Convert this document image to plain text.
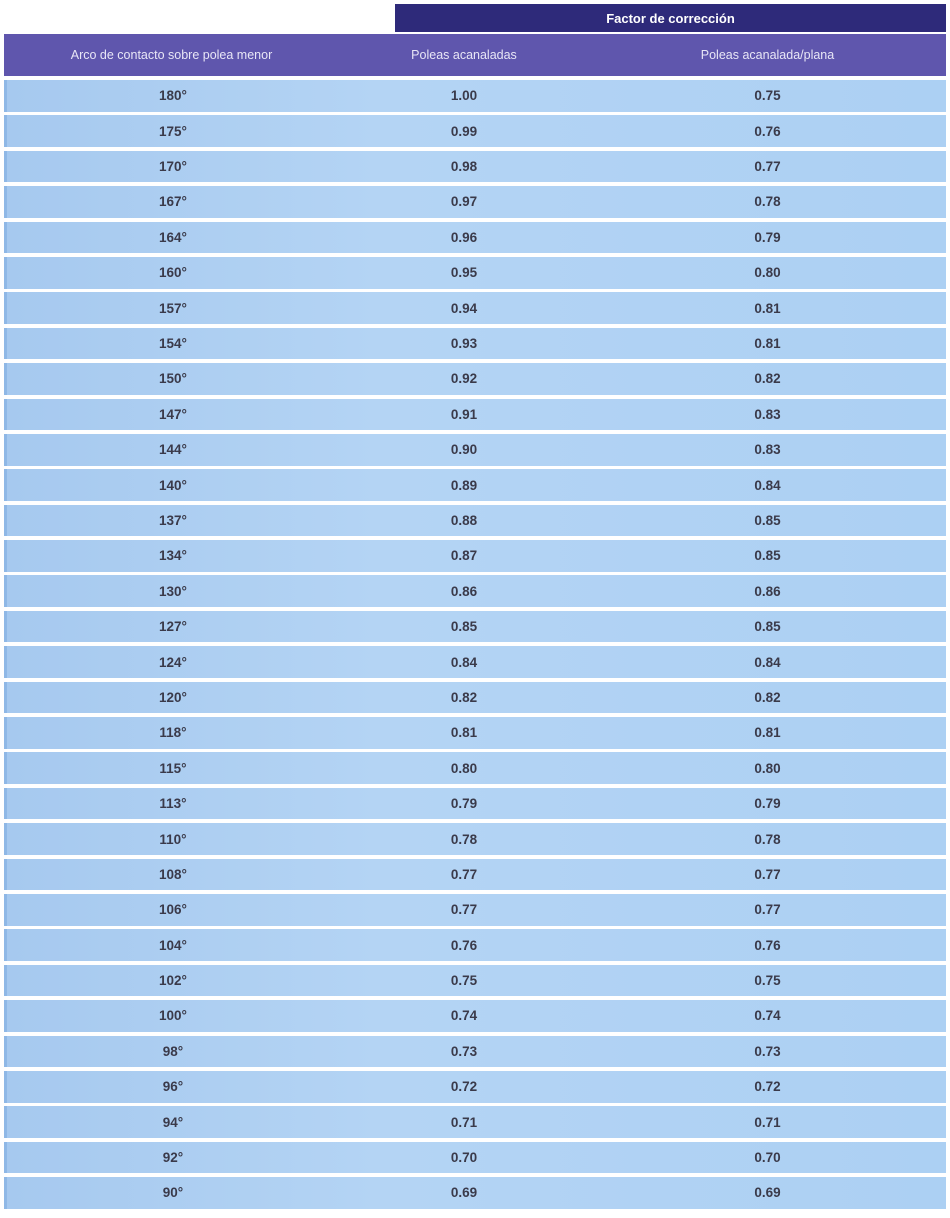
Factor de corrección
Arco de contacto sobre polea menor	Poleas acanaladas	Poleas acanalada/plana
180°	1.00	0.75
175°	0.99	0.76
170°	0.98	0.77
167°	0.97	0.78
164°	0.96	0.79
160°	0.95	0.80
157°	0.94	0.81
154°	0.93	0.81
150°	0.92	0.82
147°	0.91	0.83
144°	0.90	0.83
140°	0.89	0.84
137°	0.88	0.85
134°	0.87	0.85
130°	0.86	0.86
127°	0.85	0.85
124°	0.84	0.84
120°	0.82	0.82
118°	0.81	0.81
115°	0.80	0.80
113°	0.79	0.79
110°	0.78	0.78
108°	0.77	0.77
106°	0.77	0.77
104°	0.76	0.76
102°	0.75	0.75
100°	0.74	0.74
98°	0.73	0.73
96°	0.72	0.72
94°	0.71	0.71
92°	0.70	0.70
90°	0.69	0.69
